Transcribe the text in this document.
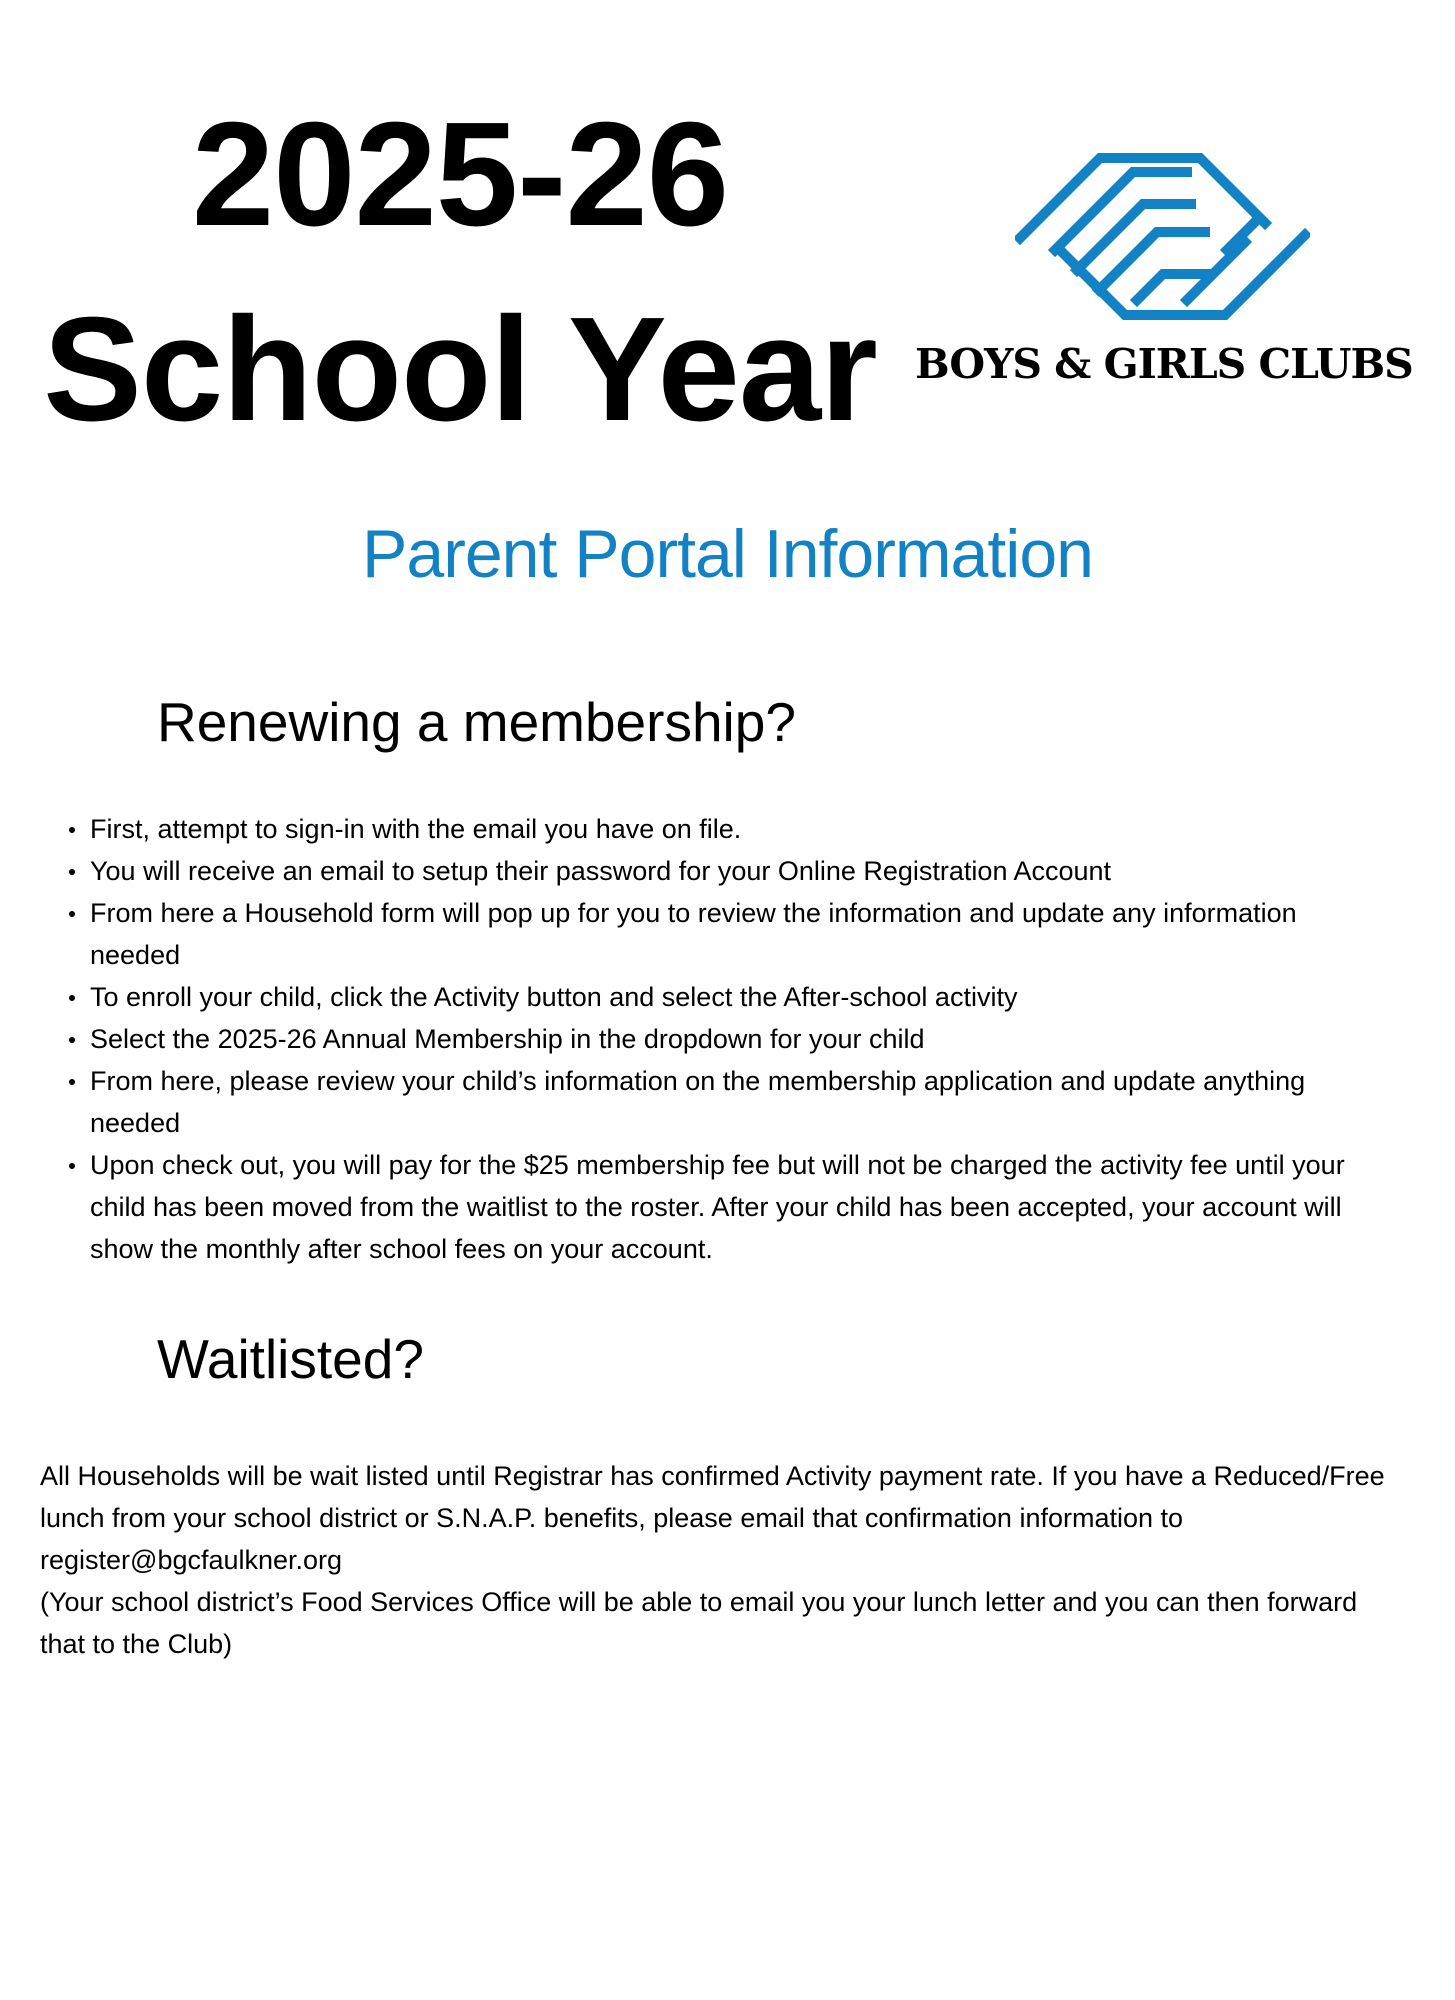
2025-26
School Year BOYS & GIRLS CLUBS
Parent Portal Information
Renewing a membership?
First, attempt to sign-in with the email you have on file.
You will receive an email to setup their password for your Online Registration Account
From here a Household form will pop up for you to review the information and update any information needed
To enroll your child, click the Activity button and select the After-school activity
Select the 2025-26 Annual Membership in the dropdown for your child
From here, please review your child’s information on the membership application and update anything needed
Upon check out, you will pay for the $25 membership fee but will not be charged the activity fee until your child has been moved from the waitlist to the roster. After your child has been accepted, your account will show the monthly after school fees on your account.
Waitlisted?
All Households will be wait listed until Registrar has confirmed Activity payment rate. If you have a Reduced/Free lunch from your school district or S.N.A.P. benefits, please email that confirmation information to register@bgcfaulkner.org
(Your school district’s Food Services Office will be able to email you your lunch letter and you can then forward that to the Club)
